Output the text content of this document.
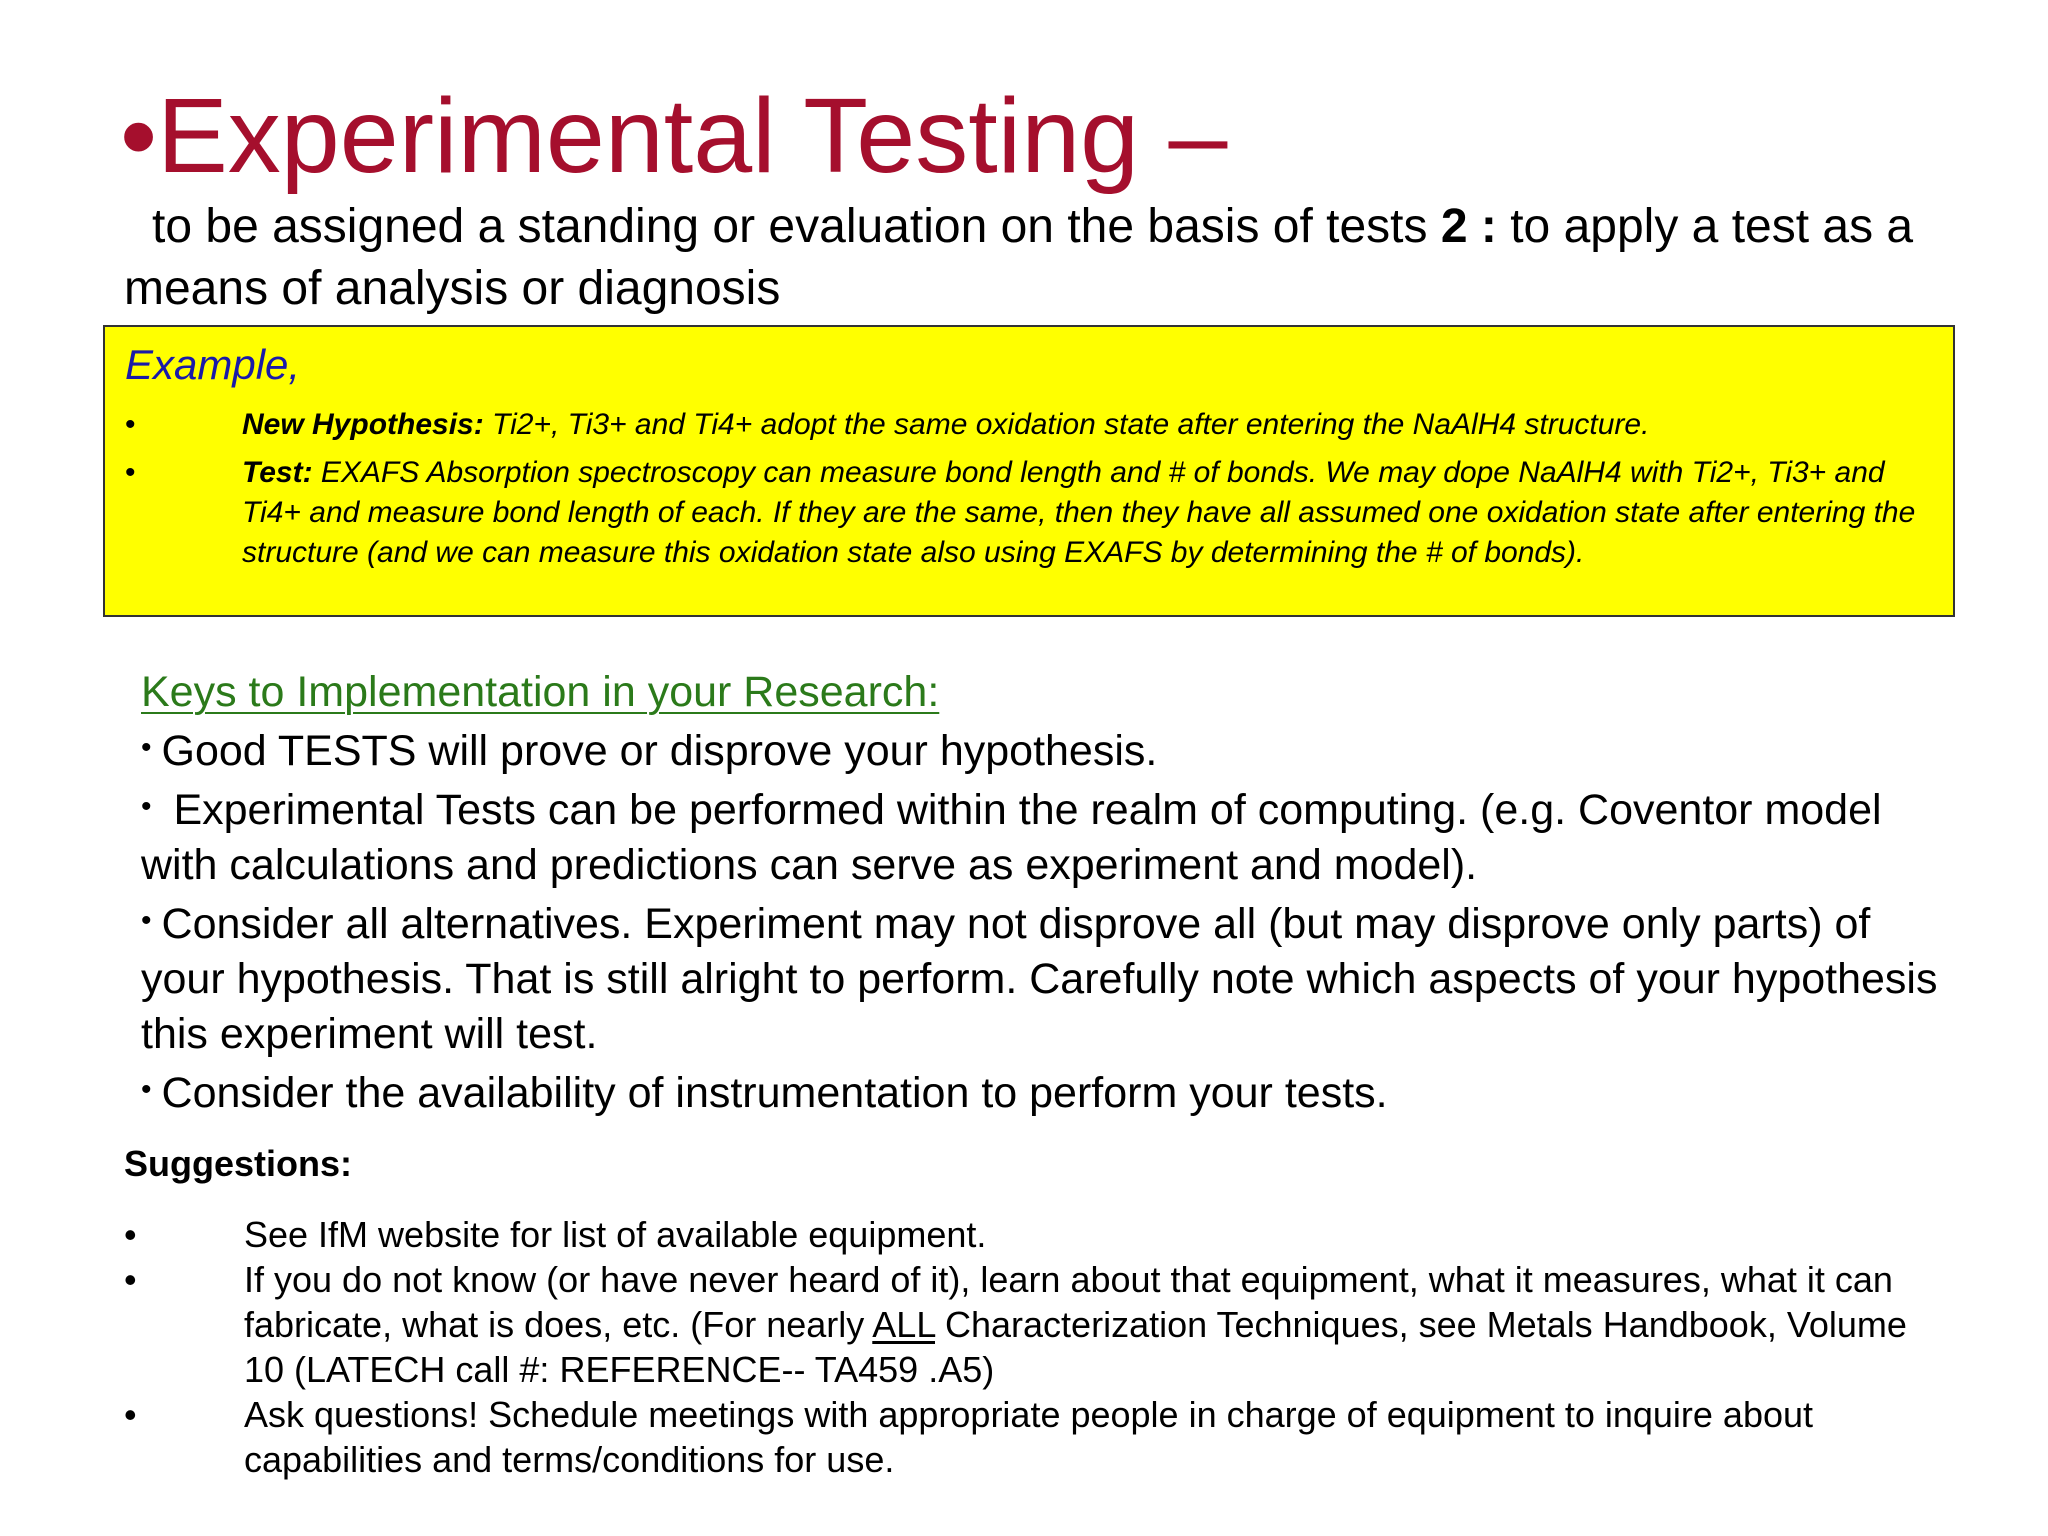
•Experimental Testing –
to be assigned a standing or evaluation on the basis of tests 2 : to apply a test as a means of analysis or diagnosis
Example,
•	New Hypothesis: Ti2+, Ti3+ and Ti4+ adopt the same oxidation state after entering the NaAlH4 structure.
•	Test: EXAFS Absorption spectroscopy can measure bond length and # of bonds. We may dope NaAlH4 with Ti2+, Ti3+ and Ti4+ and measure bond length of each. If they are the same, then they have all assumed one oxidation state after entering the structure (and we can measure this oxidation state also using EXAFS by determining the # of bonds).
Keys to Implementation in your Research:
• Good TESTS will prove or disprove your hypothesis.
• Experimental Tests can be performed within the realm of computing. (e.g. Coventor model with calculations and predictions can serve as experiment and model).
• Consider all alternatives. Experiment may not disprove all (but may disprove only parts) of your hypothesis. That is still alright to perform. Carefully note which aspects of your hypothesis this experiment will test.
• Consider the availability of instrumentation to perform your tests.
Suggestions:
•	See IfM website for list of available equipment.
•	If you do not know (or have never heard of it), learn about that equipment, what it measures, what it can fabricate, what is does, etc. (For nearly ALL Characterization Techniques, see Metals Handbook, Volume 10 (LATECH call #: REFERENCE-- TA459 .A5)
•	Ask questions! Schedule meetings with appropriate people in charge of equipment to inquire about capabilities and terms/conditions for use.
